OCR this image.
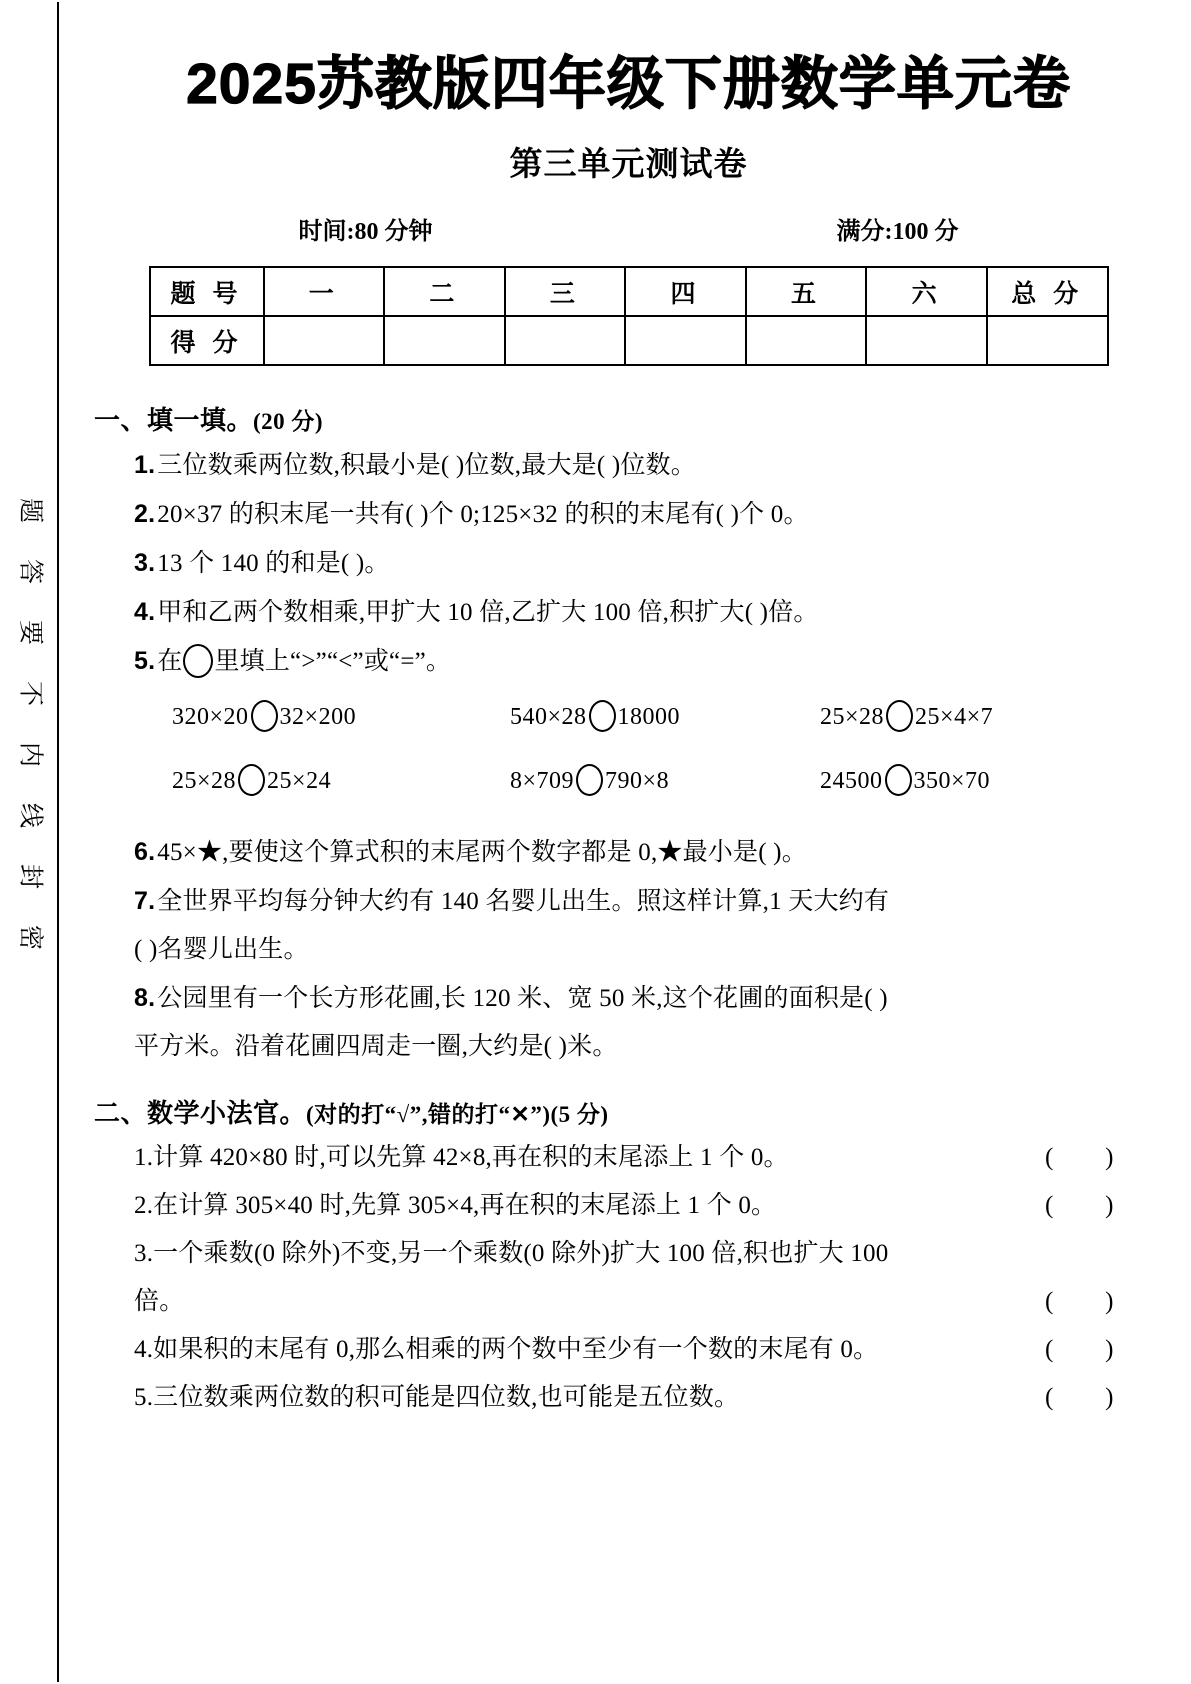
题
答
要
不
内
线
封
密
2025苏教版四年级下册数学单元卷
第三单元测试卷
时间:80 分钟	满分:100 分
题 号	一	二	三	四	五	六	总 分
得 分							
一、填一填。(20 分)
1.三位数乘两位数,积最小是( )位数,最大是( )位数。
2.20×37 的积末尾一共有( )个 0;125×32 的积的末尾有( )个 0。
3.13 个 140 的和是( )。
4.甲和乙两个数相乘,甲扩大 10 倍,乙扩大 100 倍,积扩大( )倍。
5.在 里填上“>”“<”或“=”。
320×20 32×200	540×28 18000	25×28 25×4×7
25×28 25×24	8×709 790×8	24500 350×70
6.45×★,要使这个算式积的末尾两个数字都是 0,★最小是( )。
7.全世界平均每分钟大约有 140 名婴儿出生。照这样计算,1 天大约有
( )名婴儿出生。
8.公园里有一个长方形花圃,长 120 米、宽 50 米,这个花圃的面积是( )
平方米。沿着花圃四周走一圈,大约是( )米。
二、数学小法官。(对的打“√”,错的打“✕”)(5 分)
1.计算 420×80 时,可以先算 42×8,再在积的末尾添上 1 个 0。	(        )
2.在计算 305×40 时,先算 305×4,再在积的末尾添上 1 个 0。	(        )
3.一个乘数(0 除外)不变,另一个乘数(0 除外)扩大 100 倍,积也扩大 100
倍。	(        )
4.如果积的末尾有 0,那么相乘的两个数中至少有一个数的末尾有 0。	(        )
5.三位数乘两位数的积可能是四位数,也可能是五位数。	(        )
